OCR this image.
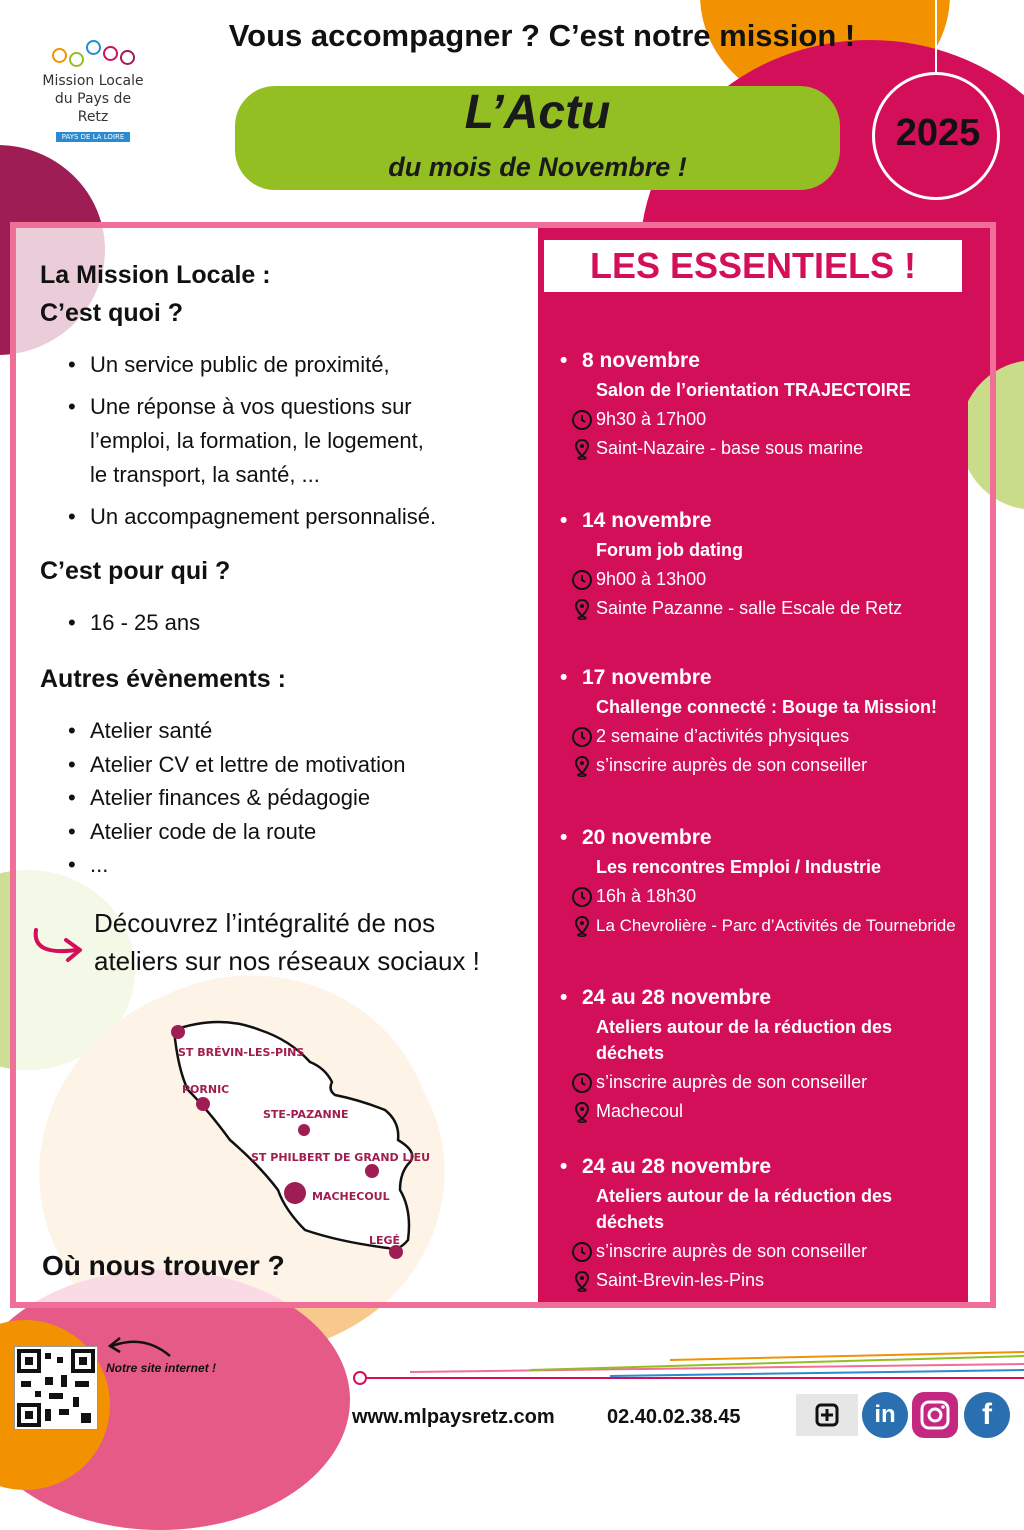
Vous accompagner ? C’est notre mission !
Mission Locale
du Pays de Retz
PAYS DE LA LOIRE	L’Actu
du mois de Novembre !
2025
LES ESSENTIELS !
La Mission Locale :
C’est quoi ?
• Un service public de proximité,
• Une réponse à vos questions sur
l’emploi, la formation, le logement,
le transport, la santé, ...
• Un accompagnement personnalisé.
C’est pour qui ?
• 16 - 25 ans
Autres évènements :
• Atelier santé
• Atelier CV et lettre de motivation
• Atelier finances & pédagogie
• Atelier code de la route
• ...
Découvrez l’intégralité de nos
ateliers sur nos réseaux sociaux !
ST BRÉVIN-LES-PINS
PORNIC
STE-PAZANNE
ST PHILBERT DE GRAND LIEU
MACHECOUL
LEGÉ
Où nous trouver ?
• 8 novembre
Salon de l’orientation TRAJECTOIRE
9h30 à 17h00
Saint-Nazaire - base sous marine
• 14 novembre
Forum job dating
9h00 à 13h00
Sainte Pazanne - salle Escale de Retz
• 17 novembre
Challenge connecté : Bouge ta Mission!
2 semaine d’activités physiques
s’inscrire auprès de son conseiller
• 20 novembre
Les rencontres Emploi / Industrie
16h à 18h30
La Chevrolière - Parc d’Activités de Tournebride
• 24 au 28 novembre
Ateliers autour de la réduction des
déchets
s’inscrire auprès de son conseiller
Machecoul
• 24 au 28 novembre
Ateliers autour de la réduction des
déchets
s’inscrire auprès de son conseiller
Saint-Brevin-les-Pins
Notre site internet !
www.mlpaysretz.com	02.40.02.38.45	in	f
